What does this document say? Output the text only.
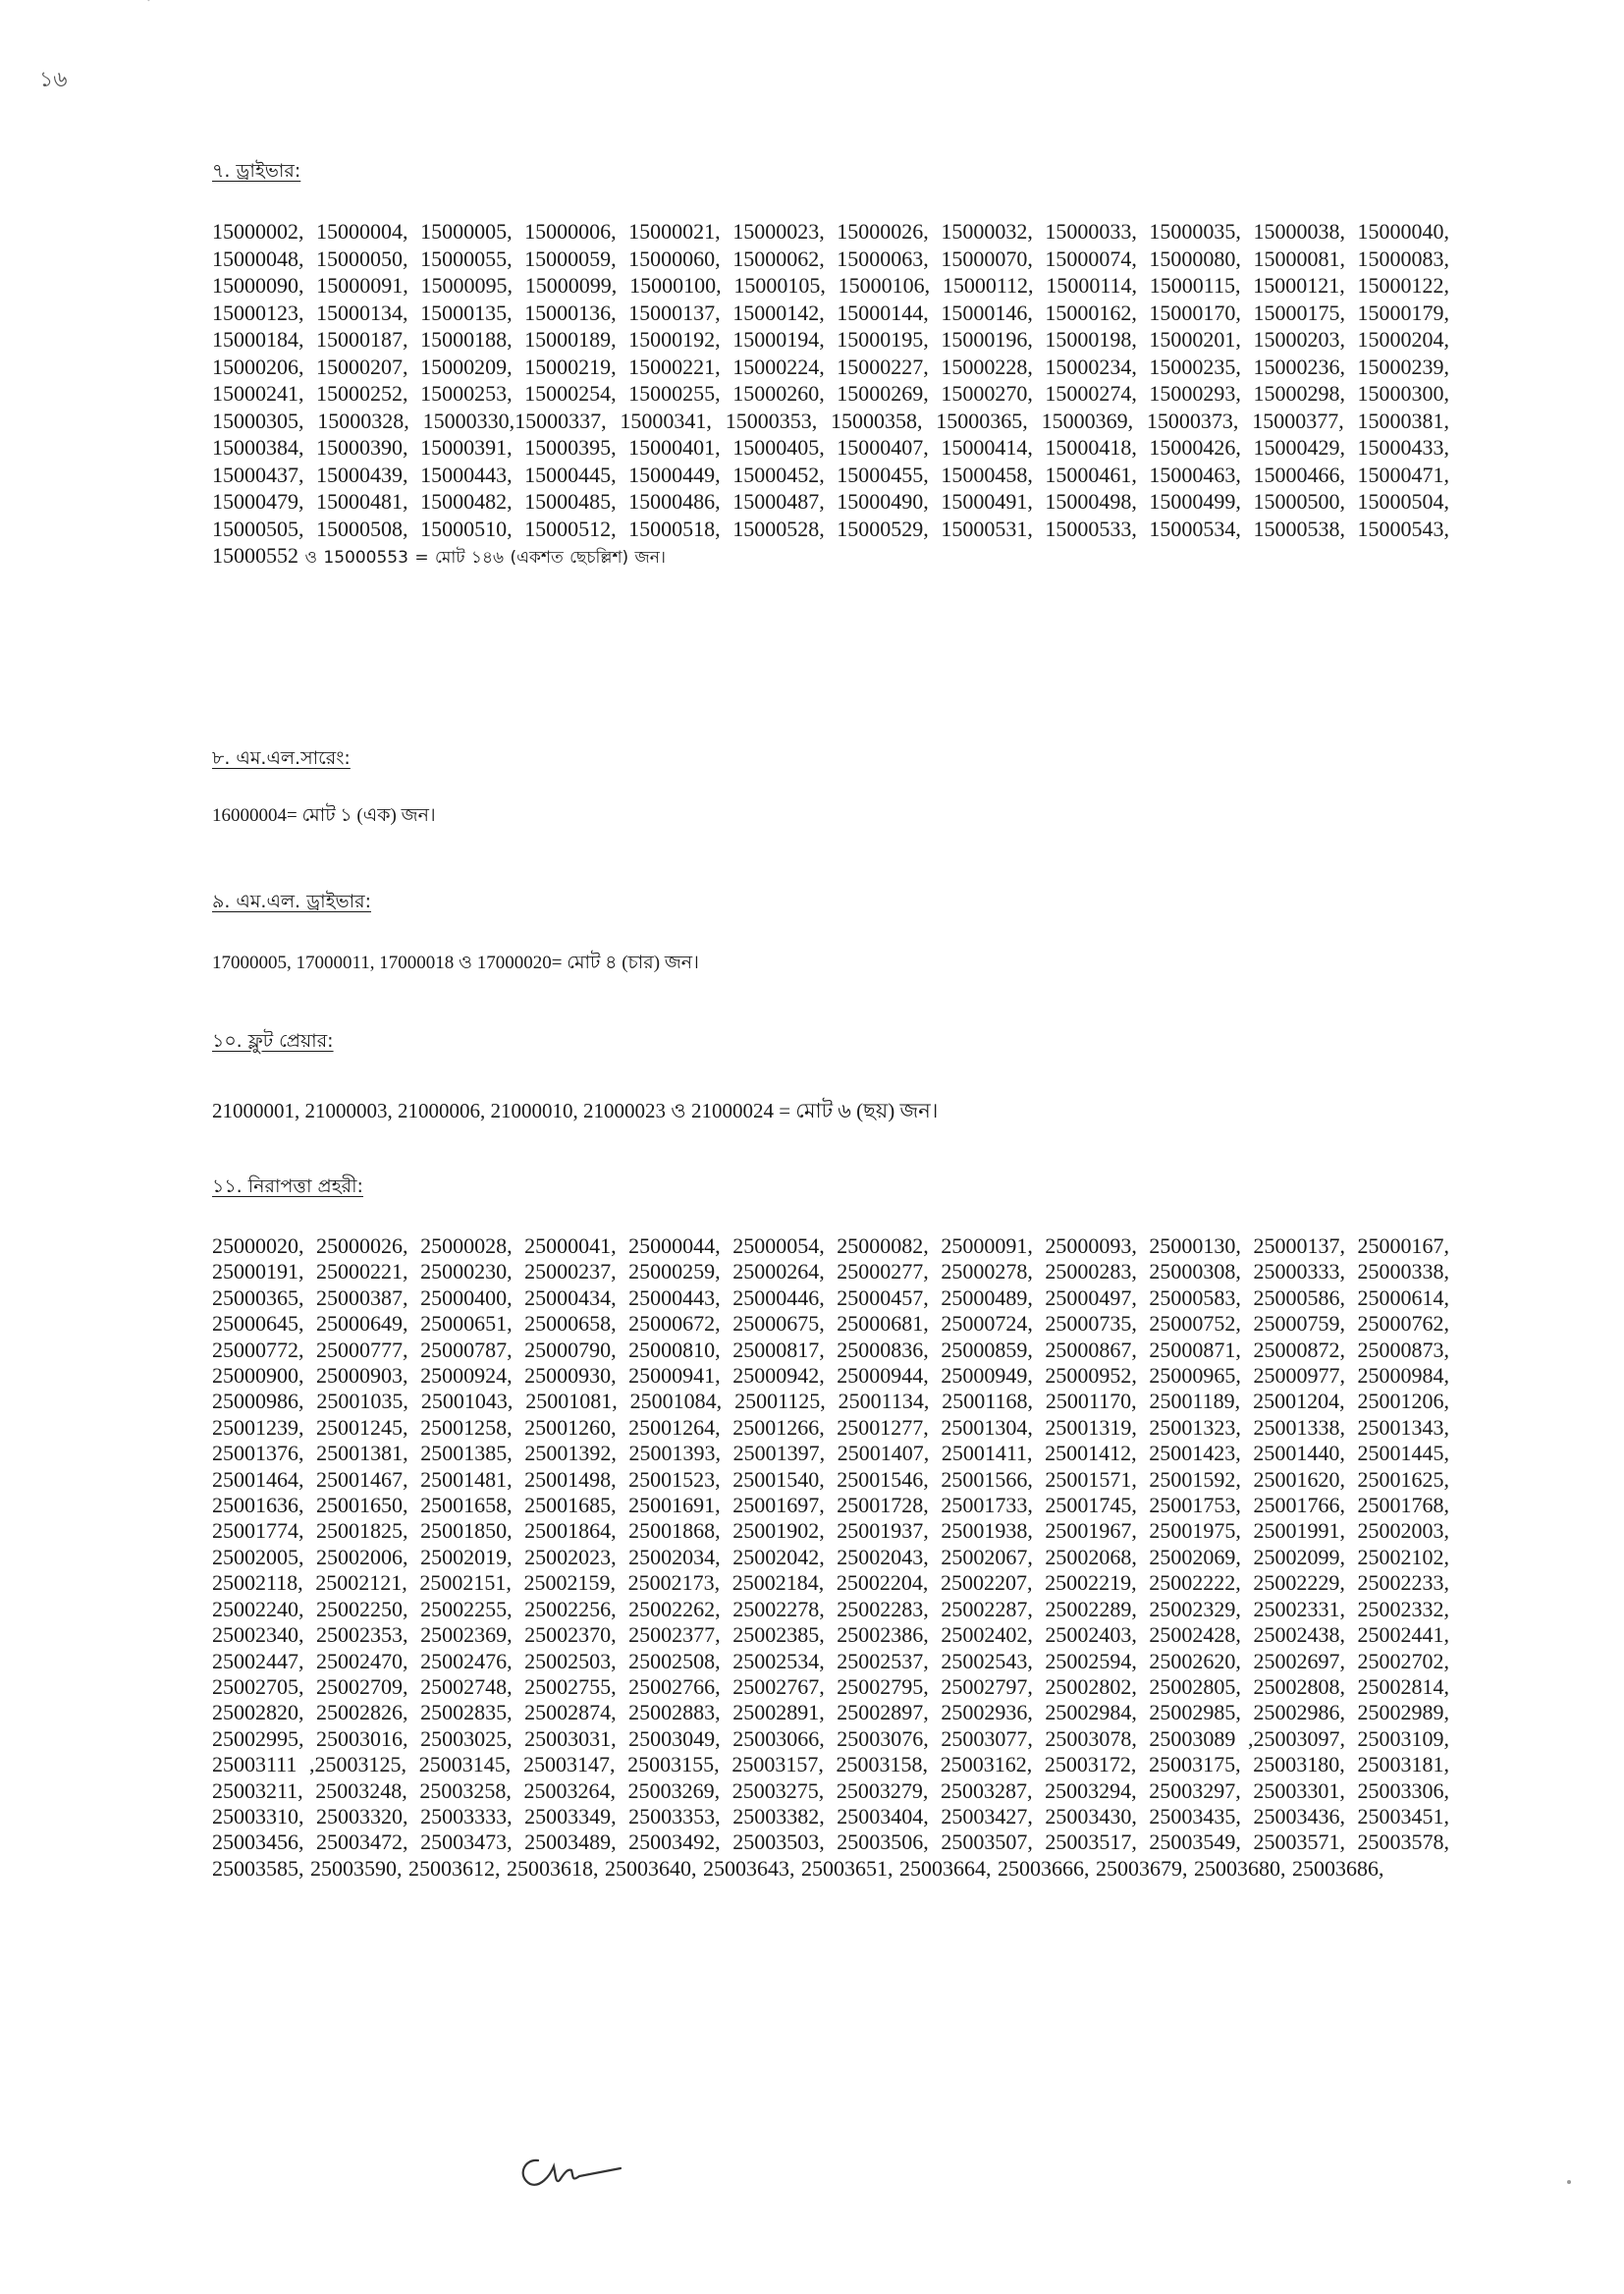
১৬

৭. ড্রাইভার:

15000002, 15000004, 15000005, 15000006, 15000021, 15000023, 15000026, 15000032, 15000033, 15000035, 15000038, 15000040, 15000048, 15000050, 15000055, 15000059, 15000060, 15000062, 15000063, 15000070, 15000074, 15000080, 15000081, 15000083, 15000090, 15000091, 15000095, 15000099, 15000100, 15000105, 15000106, 15000112, 15000114, 15000115, 15000121, 15000122, 15000123, 15000134, 15000135, 15000136, 15000137, 15000142, 15000144, 15000146, 15000162, 15000170, 15000175, 15000179, 15000184, 15000187, 15000188, 15000189, 15000192, 15000194, 15000195, 15000196, 15000198, 15000201, 15000203, 15000204, 15000206, 15000207, 15000209, 15000219, 15000221, 15000224, 15000227, 15000228, 15000234, 15000235, 15000236, 15000239, 15000241, 15000252, 15000253, 15000254, 15000255, 15000260, 15000269, 15000270, 15000274, 15000293, 15000298, 15000300, 15000305, 15000328, 15000330,15000337, 15000341, 15000353, 15000358, 15000365, 15000369, 15000373, 15000377, 15000381, 15000384, 15000390, 15000391, 15000395, 15000401, 15000405, 15000407, 15000414, 15000418, 15000426, 15000429, 15000433, 15000437, 15000439, 15000443, 15000445, 15000449, 15000452, 15000455, 15000458, 15000461, 15000463, 15000466, 15000471, 15000479, 15000481, 15000482, 15000485, 15000486, 15000487, 15000490, 15000491, 15000498, 15000499, 15000500, 15000504, 15000505, 15000508, 15000510, 15000512, 15000518, 15000528, 15000529, 15000531, 15000533, 15000534, 15000538, 15000543, 15000552 ও 15000553 = মোট ১৪৬ (একশত ছেচল্লিশ) জন।

৮. এম.এল.সারেং:

16000004= মোট ১ (এক) জন।

৯. এম.এল. ড্রাইভার:

17000005, 17000011, 17000018 ও 17000020= মোট ৪ (চার) জন।

১০. ফ্লুট প্রেয়ার:

21000001, 21000003, 21000006, 21000010, 21000023 ও 21000024 = মোট ৬ (ছয়) জন।

১১. নিরাপত্তা প্রহরী:

25000020, 25000026, 25000028, 25000041, 25000044, 25000054, 25000082, 25000091, 25000093, 25000130, 25000137, 25000167, 25000191, 25000221, 25000230, 25000237, 25000259, 25000264, 25000277, 25000278, 25000283, 25000308, 25000333, 25000338, 25000365, 25000387, 25000400, 25000434, 25000443, 25000446, 25000457, 25000489, 25000497, 25000583, 25000586, 25000614, 25000645, 25000649, 25000651, 25000658, 25000672, 25000675, 25000681, 25000724, 25000735, 25000752, 25000759, 25000762, 25000772, 25000777, 25000787, 25000790, 25000810, 25000817, 25000836, 25000859, 25000867, 25000871, 25000872, 25000873, 25000900, 25000903, 25000924, 25000930, 25000941, 25000942, 25000944, 25000949, 25000952, 25000965, 25000977, 25000984, 25000986, 25001035, 25001043, 25001081, 25001084, 25001125, 25001134, 25001168, 25001170, 25001189, 25001204, 25001206, 25001239, 25001245, 25001258, 25001260, 25001264, 25001266, 25001277, 25001304, 25001319, 25001323, 25001338, 25001343, 25001376, 25001381, 25001385, 25001392, 25001393, 25001397, 25001407, 25001411, 25001412, 25001423, 25001440, 25001445, 25001464, 25001467, 25001481, 25001498, 25001523, 25001540, 25001546, 25001566, 25001571, 25001592, 25001620, 25001625, 25001636, 25001650, 25001658, 25001685, 25001691, 25001697, 25001728, 25001733, 25001745, 25001753, 25001766, 25001768, 25001774, 25001825, 25001850, 25001864, 25001868, 25001902, 25001937, 25001938, 25001967, 25001975, 25001991, 25002003, 25002005, 25002006, 25002019, 25002023, 25002034, 25002042, 25002043, 25002067, 25002068, 25002069, 25002099, 25002102, 25002118, 25002121, 25002151, 25002159, 25002173, 25002184, 25002204, 25002207, 25002219, 25002222, 25002229, 25002233, 25002240, 25002250, 25002255, 25002256, 25002262, 25002278, 25002283, 25002287, 25002289, 25002329, 25002331, 25002332, 25002340, 25002353, 25002369, 25002370, 25002377, 25002385, 25002386, 25002402, 25002403, 25002428, 25002438, 25002441, 25002447, 25002470, 25002476, 25002503, 25002508, 25002534, 25002537, 25002543, 25002594, 25002620, 25002697, 25002702, 25002705, 25002709, 25002748, 25002755, 25002766, 25002767, 25002795, 25002797, 25002802, 25002805, 25002808, 25002814, 25002820, 25002826, 25002835, 25002874, 25002883, 25002891, 25002897, 25002936, 25002984, 25002985, 25002986, 25002989, 25002995, 25003016, 25003025, 25003031, 25003049, 25003066, 25003076, 25003077, 25003078, 25003089 ,25003097, 25003109, 25003111 ,25003125, 25003145, 25003147, 25003155, 25003157, 25003158, 25003162, 25003172, 25003175, 25003180, 25003181, 25003211, 25003248, 25003258, 25003264, 25003269, 25003275, 25003279, 25003287, 25003294, 25003297, 25003301, 25003306, 25003310, 25003320, 25003333, 25003349, 25003353, 25003382, 25003404, 25003427, 25003430, 25003435, 25003436, 25003451, 25003456, 25003472, 25003473, 25003489, 25003492, 25003503, 25003506, 25003507, 25003517, 25003549, 25003571, 25003578, 25003585, 25003590, 25003612, 25003618, 25003640, 25003643, 25003651, 25003664, 25003666, 25003679, 25003680, 25003686,
